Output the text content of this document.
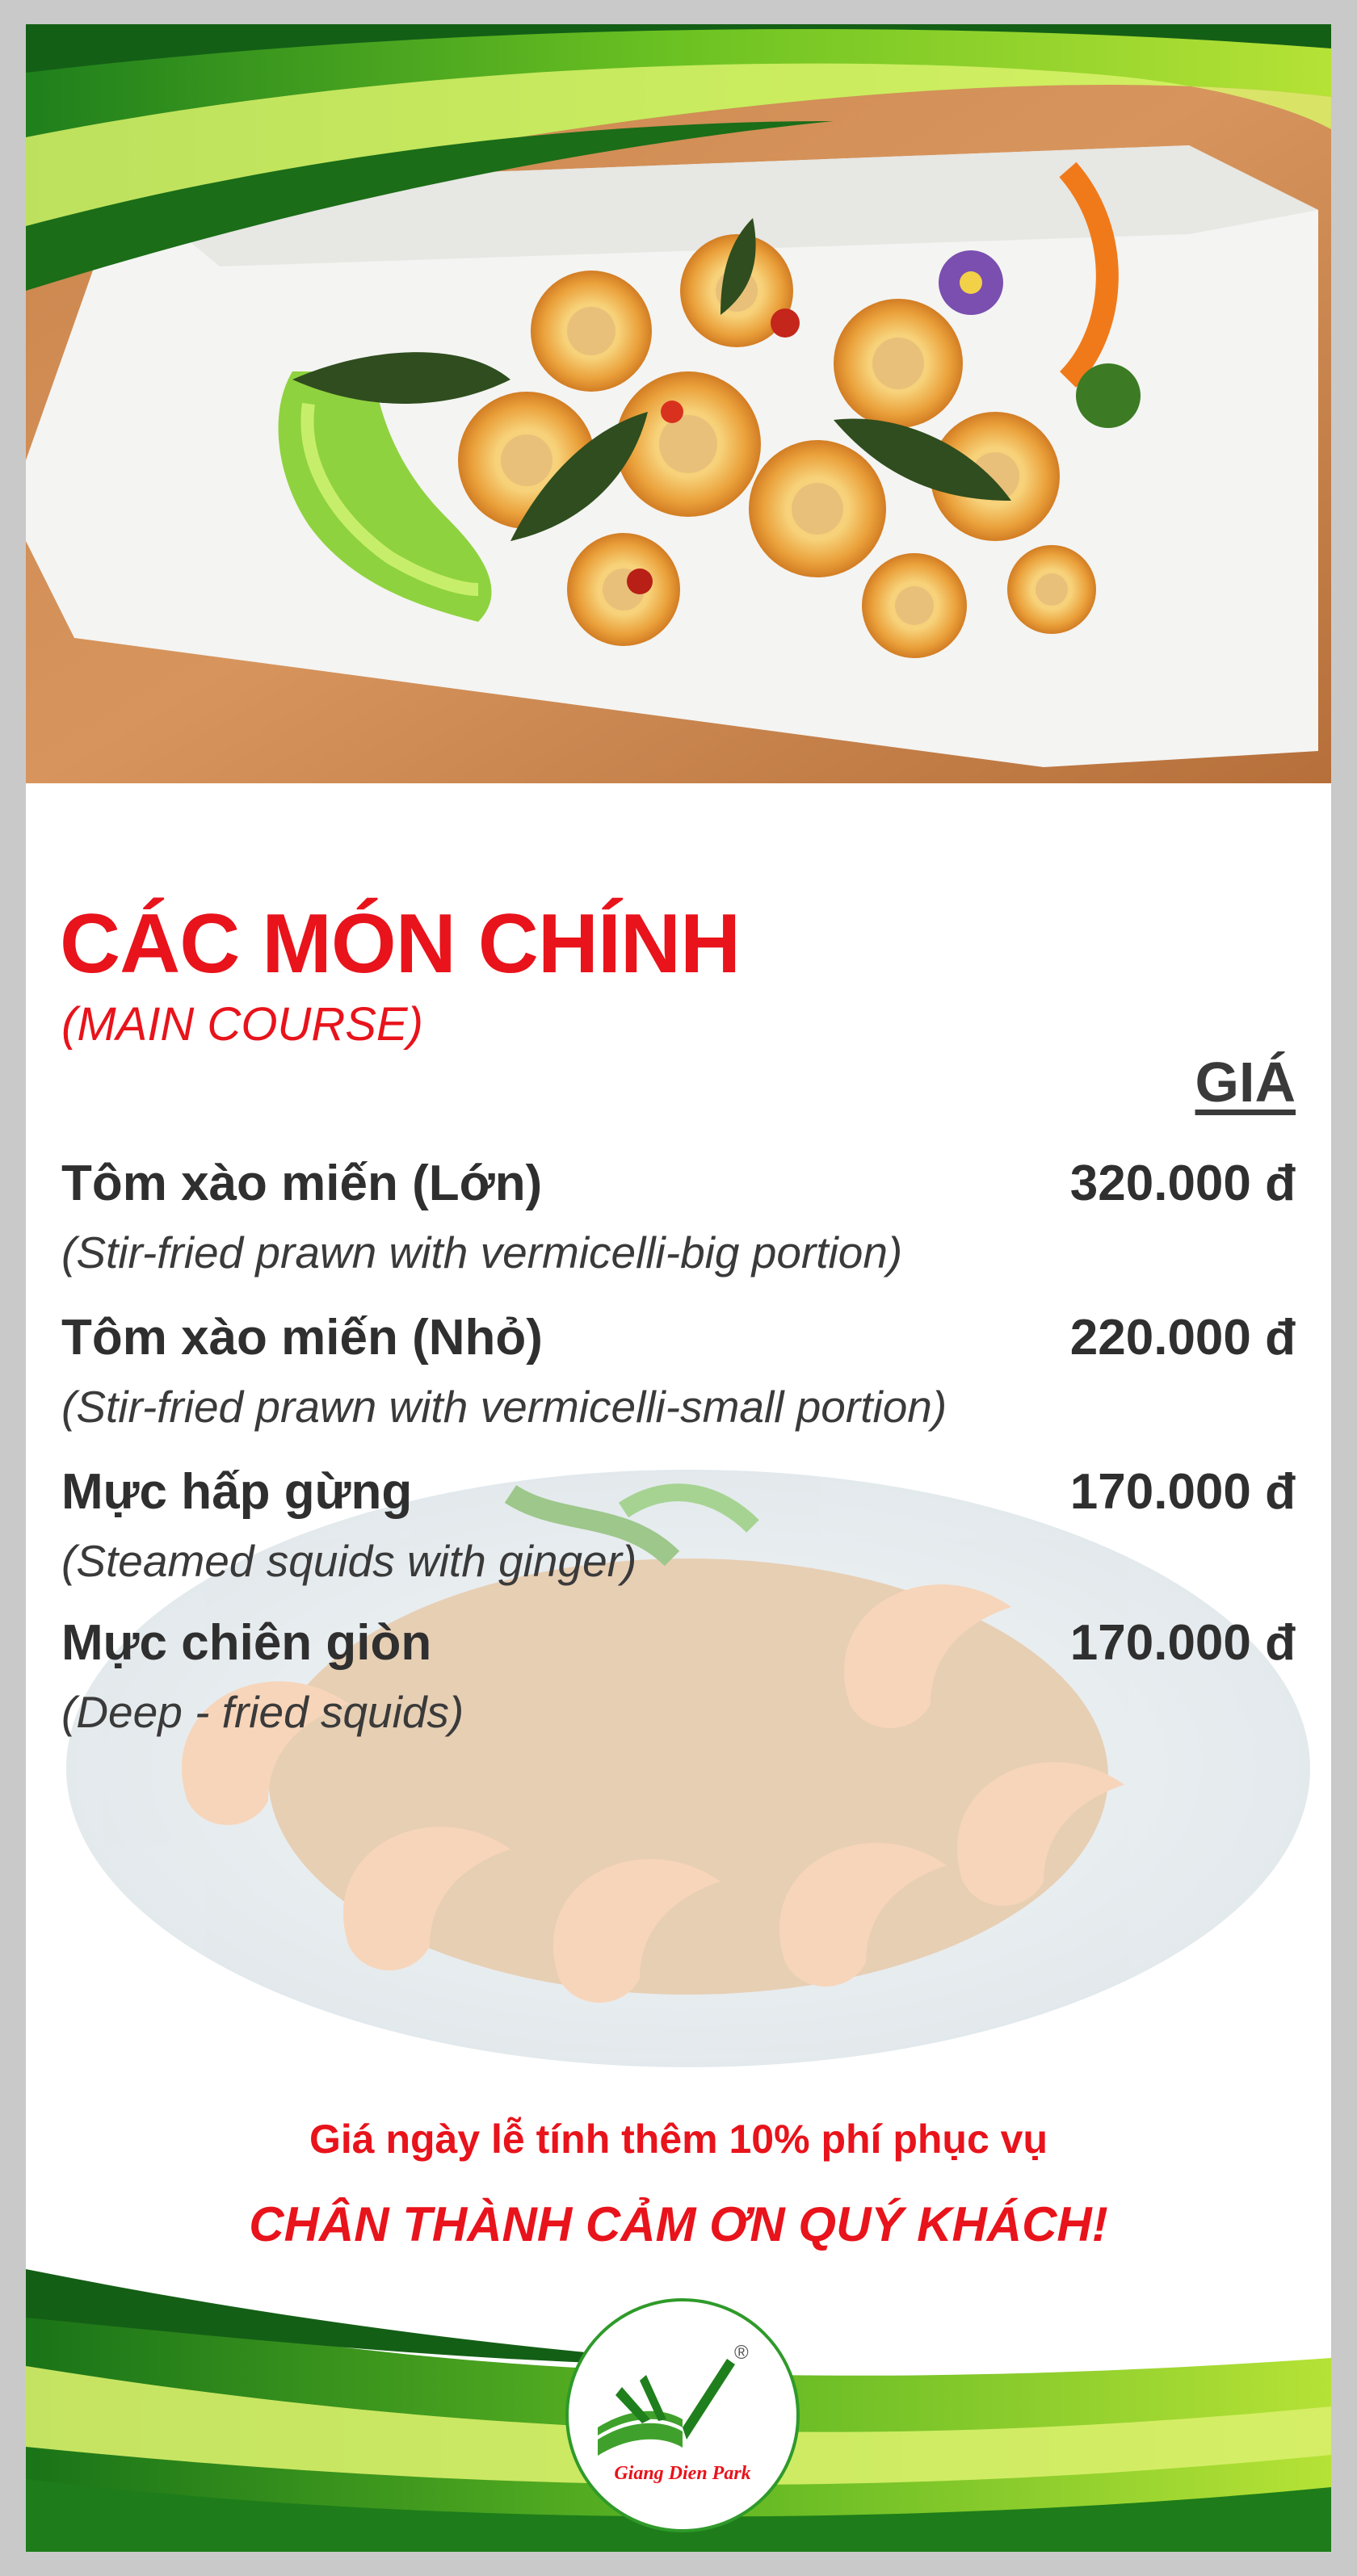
CÁC MÓN CHÍNH
(MAIN COURSE)
GIÁ
Tôm xào miến (Lớn)	320.000 đ
(Stir-fried prawn with vermicelli-big portion)
Tôm xào miến (Nhỏ)	220.000 đ
(Stir-fried prawn with vermicelli-small portion)
Mực hấp gừng	170.000 đ
(Steamed squids with ginger)
Mực chiên giòn	170.000 đ
(Deep - fried squids)
Giá ngày lễ tính thêm 10% phí phục vụ
CHÂN THÀNH CẢM ƠN QUÝ KHÁCH!
®
Giang Dien Park
